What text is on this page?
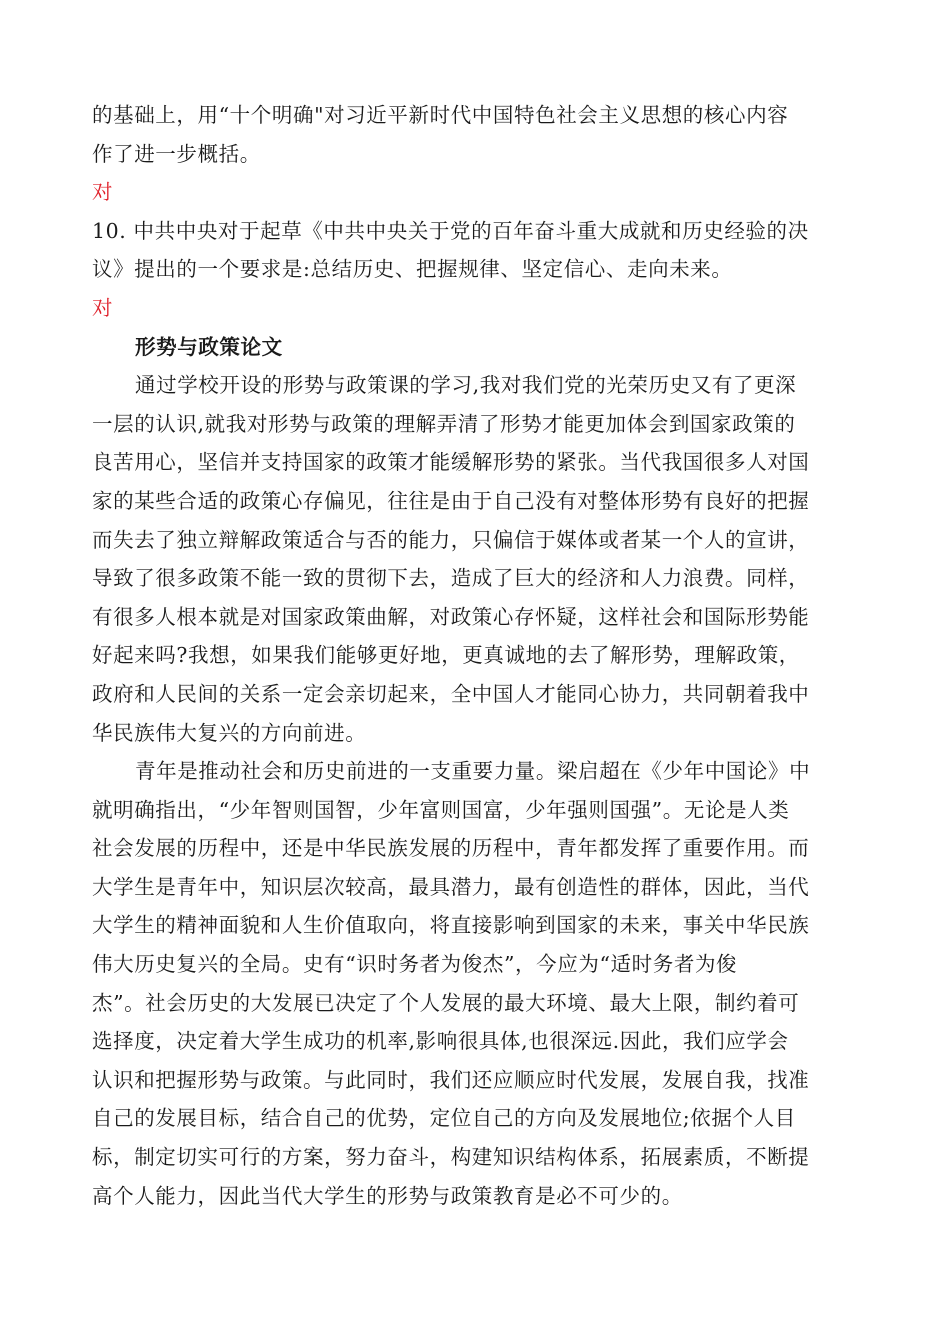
的基础上，用“十个明确"对习近平新时代中国特色社会主义思想的核心内容
作了进一步概括。
对
10. 中共中央对于起草《中共中央关于党的百年奋斗重大成就和历史经验的决
议》提出的一个要求是:总结历史、把握规律、坚定信心、走向未来。
对
形势与政策论文
通过学校开设的形势与政策课的学习,我对我们党的光荣历史又有了更深
一层的认识,就我对形势与政策的理解弄清了形势才能更加体会到国家政策的
良苦用心，坚信并支持国家的政策才能缓解形势的紧张。当代我国很多人对国
家的某些合适的政策心存偏见，往往是由于自己没有对整体形势有良好的把握
而失去了独立辩解政策适合与否的能力，只偏信于媒体或者某一个人的宣讲，
导致了很多政策不能一致的贯彻下去，造成了巨大的经济和人力浪费。同样，
有很多人根本就是对国家政策曲解，对政策心存怀疑，这样社会和国际形势能
好起来吗?我想，如果我们能够更好地，更真诚地的去了解形势，理解政策，
政府和人民间的关系一定会亲切起来，全中国人才能同心协力，共同朝着我中
华民族伟大复兴的方向前进。
青年是推动社会和历史前进的一支重要力量。梁启超在《少年中国论》中
就明确指出，“少年智则国智，少年富则国富，少年强则国强”。无论是人类
社会发展的历程中，还是中华民族发展的历程中，青年都发挥了重要作用。而
大学生是青年中，知识层次较高，最具潜力，最有创造性的群体，因此，当代
大学生的精神面貌和人生价值取向，将直接影响到国家的未来，事关中华民族
伟大历史复兴的全局。史有“识时务者为俊杰”，今应为“适时务者为俊
杰”。社会历史的大发展已决定了个人发展的最大环境、最大上限，制约着可
选择度，决定着大学生成功的机率,影响很具体,也很深远.因此，我们应学会
认识和把握形势与政策。与此同时，我们还应顺应时代发展，发展自我，找准
自己的发展目标，结合自己的优势，定位自己的方向及发展地位;依据个人目
标，制定切实可行的方案，努力奋斗，构建知识结构体系，拓展素质，不断提
高个人能力，因此当代大学生的形势与政策教育是必不可少的。
